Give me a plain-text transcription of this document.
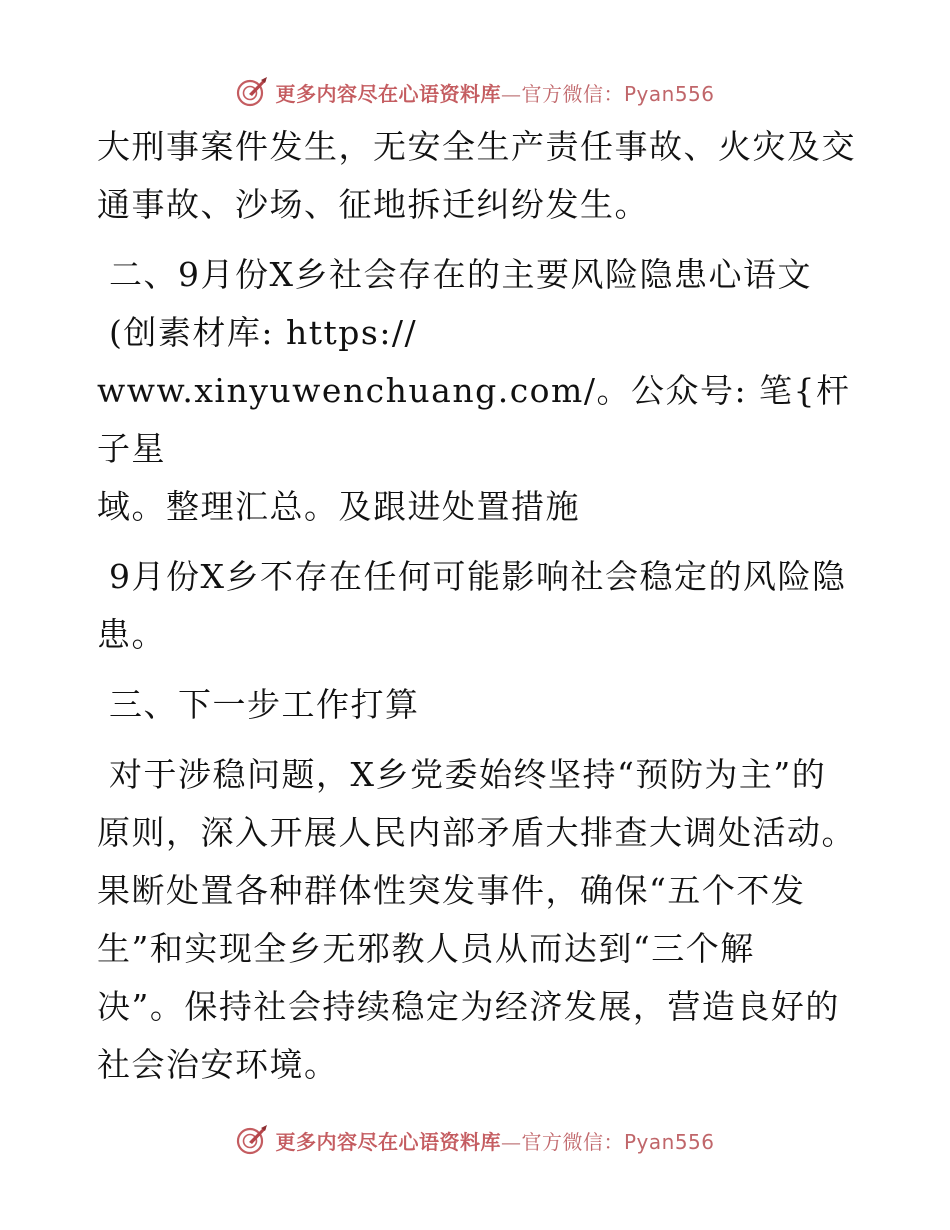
更多内容尽在心语资料库—官方微信：Pyan556

大刑事案件发生，无安全生产责任事故、火灾及交
通事故、沙场、征地拆迁纠纷发生。

二、9月份X乡社会存在的主要风险隐患心语文
(创素材库: https://
www.xinyuwenchuang.com/。公众号: 笔{杆子星
域。整理汇总。及跟进处置措施

9月份X乡不存在任何可能影响社会稳定的风险隐
患。

三、下一步工作打算

对于涉稳问题，X乡党委始终坚持“预防为主”的
原则，深入开展人民内部矛盾大排查大调处活动。
果断处置各种群体性突发事件，确保“五个不发
生”和实现全乡无邪教人员从而达到“三个解
决”。保持社会持续稳定为经济发展，营造良好的
社会治安环境。

更多内容尽在心语资料库—官方微信：Pyan556
